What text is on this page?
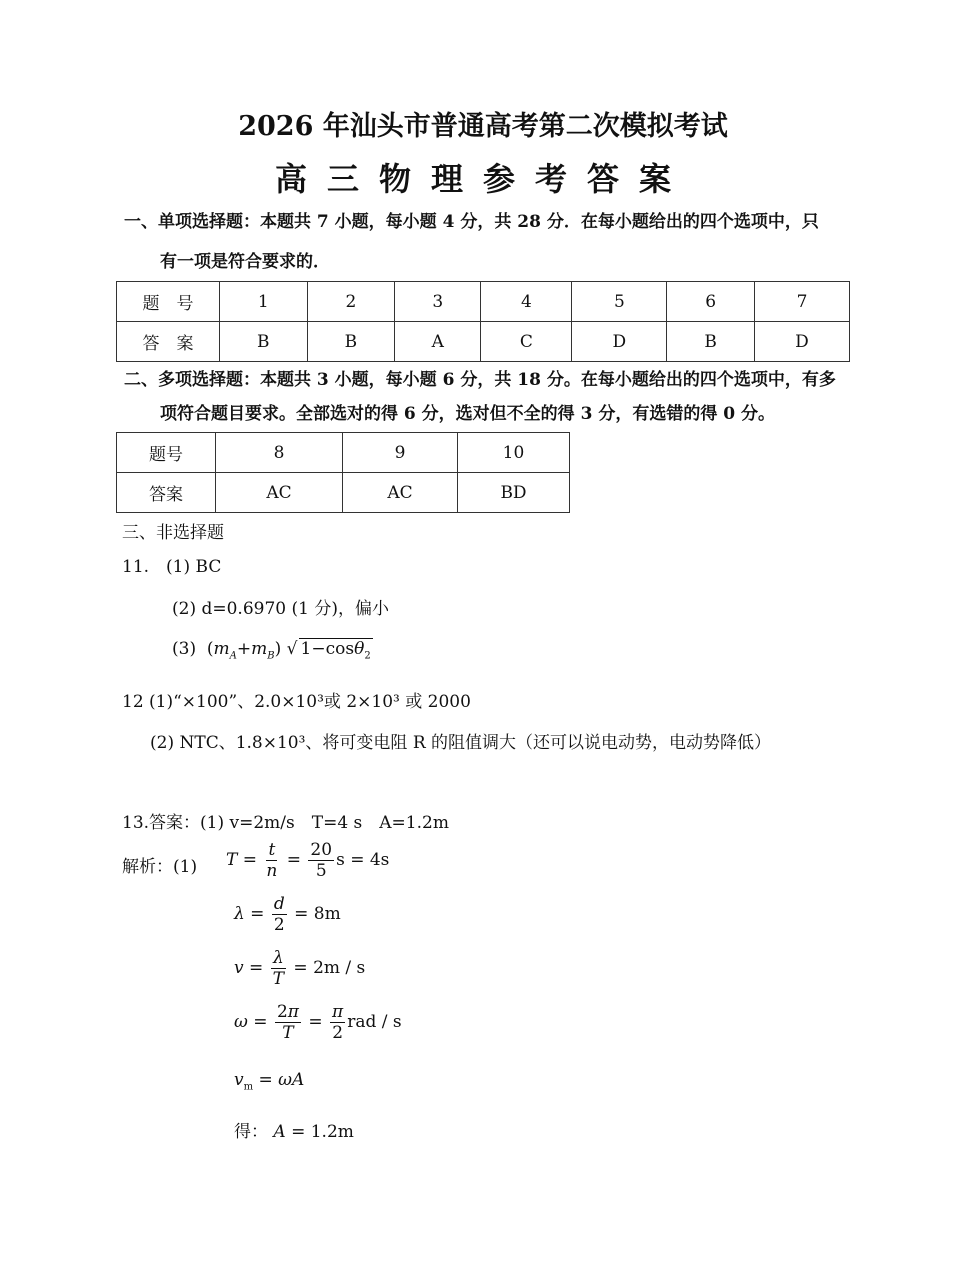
2026 年汕头市普通高考第二次模拟考试
高三物理参考答案
一、单项选择题：本题共 7 小题，每小题 4 分，共 28 分．在每小题给出的四个选项中，只
有一项是符合要求的．
题　号	1	2	3	4	5	6	7
答　案	B	B	A	C	D	B	D
二、多项选择题：本题共 3 小题，每小题 6 分，共 18 分。在每小题给出的四个选项中，有多
项符合题目要求。全部选对的得 6 分，选对但不全的得 3 分，有选错的得 0 分。
题号	8	9	10
答案	AC	AC	BD
三、非选择题
11.　(1) BC
(2) d=0.6970 (1 分)，偏小
(3)  $(m_A+m_B)$ √ 1−cosθ$_2$
12 (1)“×100”、2.0×10³或 2×10³ 或 2000
(2) NTC、1.8×10³、将可变电阻 R 的阻值调大（还可以说电动势，电动势降低）
13.答案：(1) v=2m/s　T=4 s　A=1.2m
解析：(1) $T = \frac{t}{n} = \frac{20}{5}$ s = 4s
$\lambda = \frac{d}{2} = 8m$
$v = \frac{\lambda}{T} = 2m / s$
$\omega = \frac{2\pi}{T} = \frac{\pi}{2}$ rad / s
$v_m = \omega A$
得： A = 1.2m
